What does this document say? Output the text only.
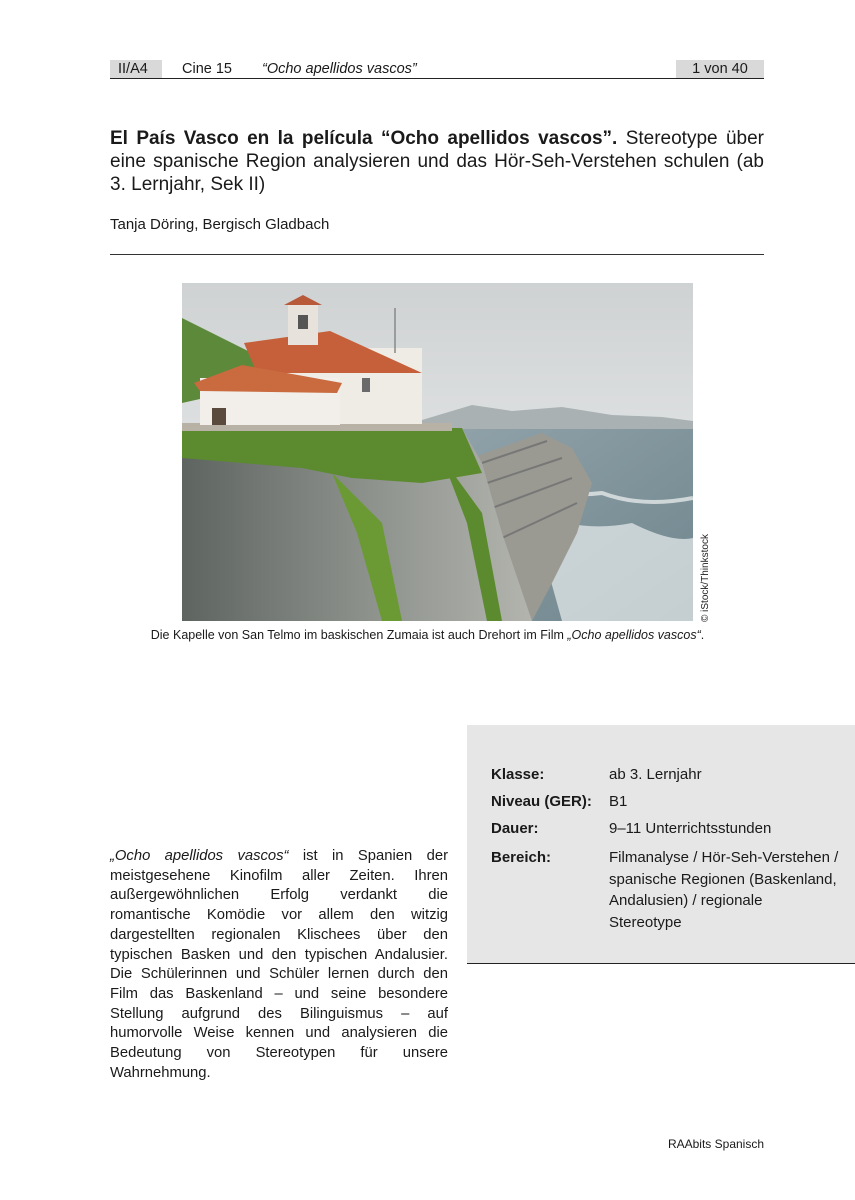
II/A4	Cine 15 “Ocho apellidos vascos”	1 von 40
El País Vasco en la película “Ocho apellidos vascos”. Stereotype über eine spanische Region analysieren und das Hör-Seh-Verstehen schulen (ab 3. Lernjahr, Sek II)
Tanja Döring, Bergisch Gladbach
© iStock/Thinkstock
Die Kapelle von San Telmo im baskischen Zumaia ist auch Drehort im Film „Ocho apellidos vascos“.
Klasse:	ab 3. Lernjahr
Niveau (GER): B1
Dauer:	9–11 Unterrichtsstunden
Bereich:	Filmanalyse / Hör-Seh-Verstehen / spanische Regionen (Baskenland, Andalusien) / regionale Stereotype
„Ocho apellidos vascos“ ist in Spanien der meistgesehene Kinofilm aller Zeiten. Ihren außergewöhnlichen Erfolg verdankt die romantische Komödie vor allem den witzig dargestellten regionalen Klischees über den typischen Basken und den typischen Andalusier. Die Schülerinnen und Schüler lernen durch den Film das Baskenland – und seine besondere Stellung aufgrund des Bilinguismus – auf humorvolle Weise kennen und analysieren die Bedeutung von Stereotypen für unsere Wahrnehmung.
RAAbits Spanisch
